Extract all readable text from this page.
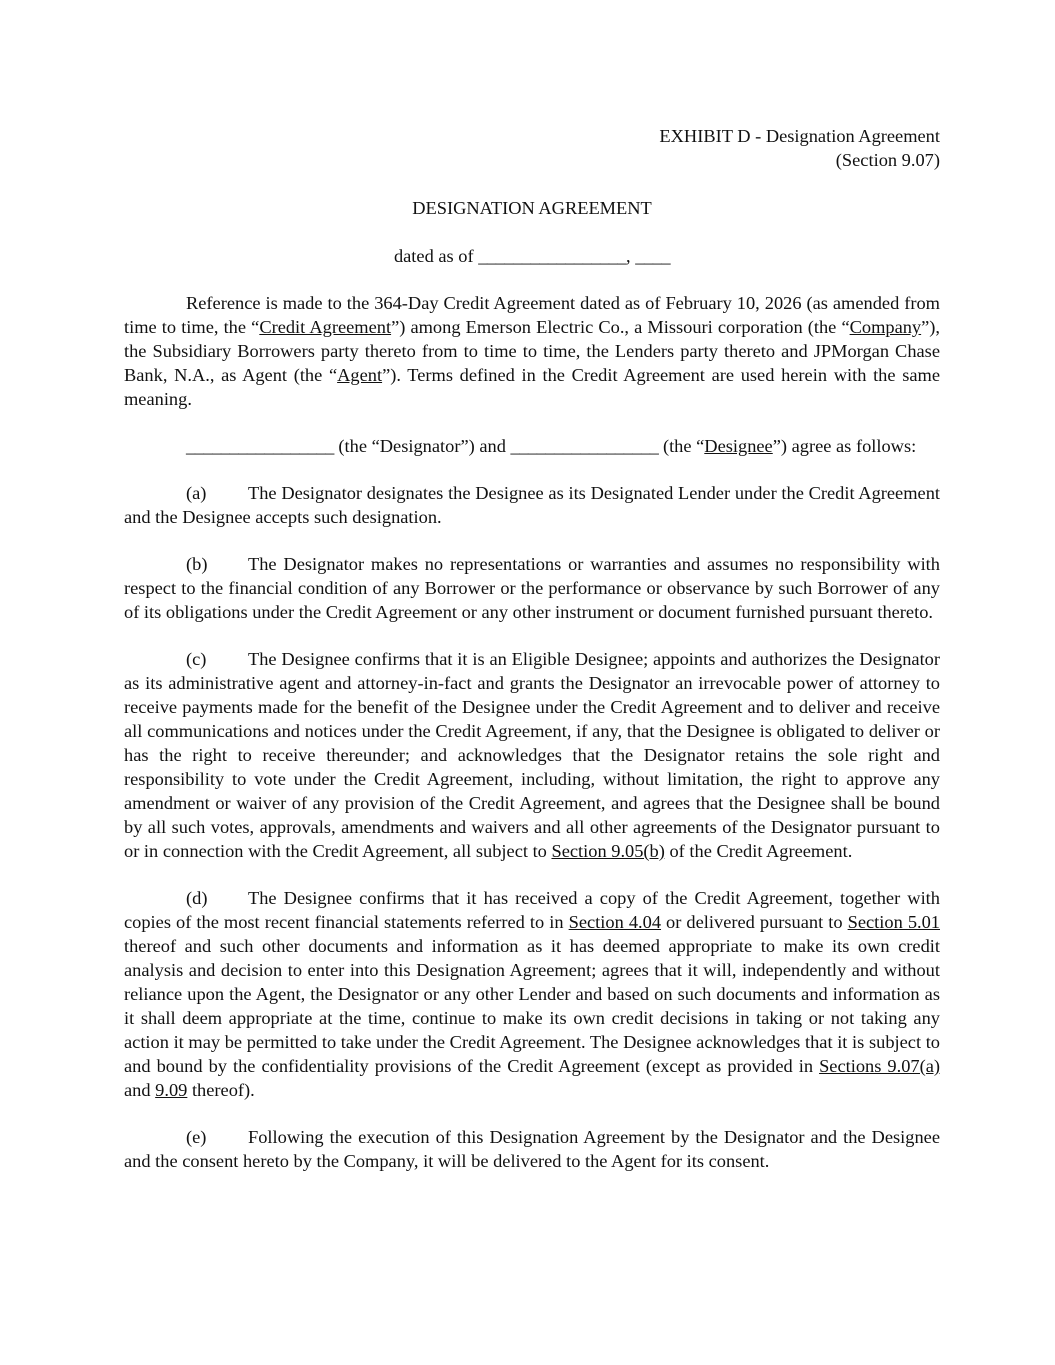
EXHIBIT D - Designation Agreement
(Section 9.07)
DESIGNATION AGREEMENT
dated as of _________________, ____

Reference is made to the 364-Day Credit Agreement dated as of February 10, 2026 (as amended from time to time, the “Credit Agreement”) among Emerson Electric Co., a Missouri corporation (the “Company”), the Subsidiary Borrowers party thereto from to time to time, the Lenders party thereto and JPMorgan Chase Bank, N.A., as Agent (the “Agent”). Terms defined in the Credit Agreement are used herein with the same meaning.

_________________ (the “Designator”) and _________________ (the “Designee”) agree as follows:

(a) The Designator designates the Designee as its Designated Lender under the Credit Agreement and the Designee accepts such designation.

(b) The Designator makes no representations or warranties and assumes no responsibility with respect to the financial condition of any Borrower or the performance or observance by such Borrower of any of its obligations under the Credit Agreement or any other instrument or document furnished pursuant thereto.

(c) The Designee confirms that it is an Eligible Designee; appoints and authorizes the Designator as its administrative agent and attorney-in-fact and grants the Designator an irrevocable power of attorney to receive payments made for the benefit of the Designee under the Credit Agreement and to deliver and receive all communications and notices under the Credit Agreement, if any, that the Designee is obligated to deliver or has the right to receive thereunder; and acknowledges that the Designator retains the sole right and responsibility to vote under the Credit Agreement, including, without limitation, the right to approve any amendment or waiver of any provision of the Credit Agreement, and agrees that the Designee shall be bound by all such votes, approvals, amendments and waivers and all other agreements of the Designator pursuant to or in connection with the Credit Agreement, all subject to Section 9.05(b) of the Credit Agreement.

(d) The Designee confirms that it has received a copy of the Credit Agreement, together with copies of the most recent financial statements referred to in Section 4.04 or delivered pursuant to Section 5.01 thereof and such other documents and information as it has deemed appropriate to make its own credit analysis and decision to enter into this Designation Agreement; agrees that it will, independently and without reliance upon the Agent, the Designator or any other Lender and based on such documents and information as it shall deem appropriate at the time, continue to make its own credit decisions in taking or not taking any action it may be permitted to take under the Credit Agreement. The Designee acknowledges that it is subject to and bound by the confidentiality provisions of the Credit Agreement (except as provided in Sections 9.07(a) and 9.09 thereof).

(e) Following the execution of this Designation Agreement by the Designator and the Designee and the consent hereto by the Company, it will be delivered to the Agent for its consent.
